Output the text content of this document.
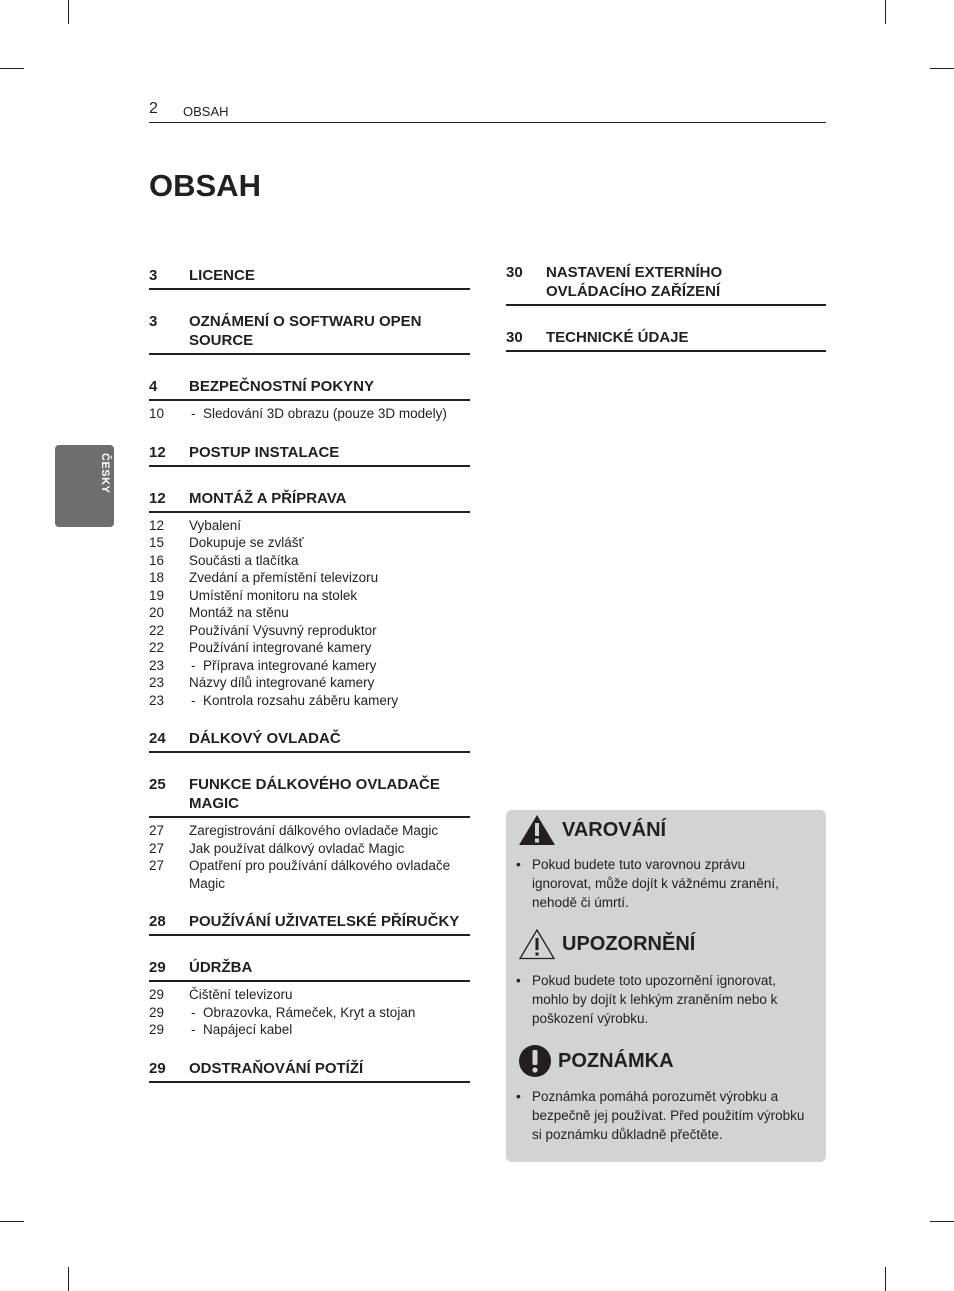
2 OBSAH
OBSAH
ČESKY
3	LICENCE
3	OZNÁMENÍ O SOFTWARU OPEN SOURCE
4	BEZPEČNOSTNÍ POKYNY
10	- Sledování 3D obrazu (pouze 3D modely)
12	POSTUP INSTALACE
12	MONTÁŽ A PŘÍPRAVA
12	Vybalení
15	Dokupuje se zvlášť
16	Součásti a tlačítka
18	Zvedání a přemístění televizoru
19	Umístění monitoru na stolek
20	Montáž na stěnu
22	Používání Výsuvný reproduktor
22	Používání integrované kamery
23	- Příprava integrované kamery
23	Názvy dílů integrované kamery
23	- Kontrola rozsahu záběru kamery
24	DÁLKOVÝ OVLADAČ
25	FUNKCE DÁLKOVÉHO OVLADAČE MAGIC
27	Zaregistrování dálkového ovladače Magic
27	Jak používat dálkový ovladač Magic
27	Opatření pro používání dálkového ovladače Magic
28	POUŽÍVÁNÍ UŽIVATELSKÉ PŘÍRUČKY
29	ÚDRŽBA
29	Čištění televizoru
29	- Obrazovka, Rámeček, Kryt a stojan
29	- Napájecí kabel
29	ODSTRAŇOVÁNÍ POTÍŽÍ
30	NASTAVENÍ EXTERNÍHO OVLÁDACÍHO ZAŘÍZENÍ
30	TECHNICKÉ ÚDAJE
VAROVÁNÍ
• Pokud budete tuto varovnou zprávu ignorovat, může dojít k vážnému zranění, nehodě či úmrtí.
UPOZORNĚNÍ
• Pokud budete toto upozornění ignorovat, mohlo by dojít k lehkým zraněním nebo k poškození výrobku.
POZNÁMKA
• Poznámka pomáhá porozumět výrobku a bezpečně jej používat. Před použitím výrobku si poznámku důkladně přečtěte.
